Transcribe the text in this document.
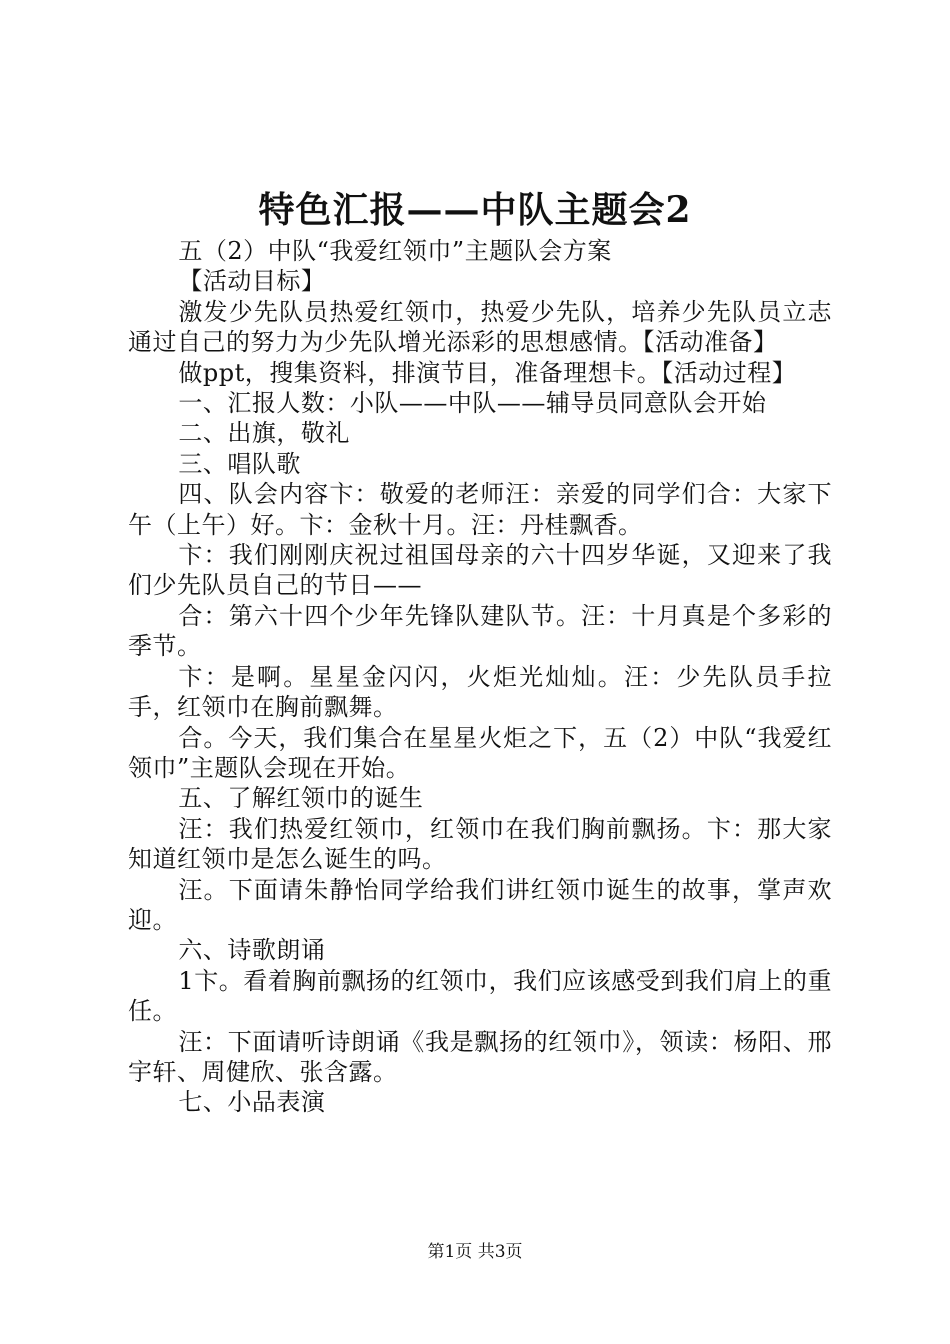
特色汇报——中队主题会2

五（2）中队“我爱红领巾”主题队会方案

【活动目标】

激发少先队员热爱红领巾，热爱少先队，培养少先队员立志通过自己的努力为少先队增光添彩的思想感情。【活动准备】

做ppt，搜集资料，排演节目，准备理想卡。【活动过程】

一、汇报人数：小队——中队——辅导员同意队会开始

二、出旗，敬礼

三、唱队歌

四、队会内容卞：敬爱的老师汪：亲爱的同学们合：大家下午（上午）好。卞：金秋十月。汪：丹桂飘香。

卞：我们刚刚庆祝过祖国母亲的六十四岁华诞，又迎来了我们少先队员自己的节日——

合：第六十四个少年先锋队建队节。汪：十月真是个多彩的季节。

卞：是啊。星星金闪闪，火炬光灿灿。汪：少先队员手拉手，红领巾在胸前飘舞。

合。今天，我们集合在星星火炬之下，五（2）中队“我爱红领巾”主题队会现在开始。

五、了解红领巾的诞生

汪：我们热爱红领巾，红领巾在我们胸前飘扬。卞：那大家知道红领巾是怎么诞生的吗。

汪。下面请朱静怡同学给我们讲红领巾诞生的故事，掌声欢迎。

六、诗歌朗诵

1卞。看着胸前飘扬的红领巾，我们应该感受到我们肩上的重任。

汪：下面请听诗朗诵《我是飘扬的红领巾》，领读：杨阳、邢宇轩、周健欣、张含露。

七、小品表演

第1页 共3页
